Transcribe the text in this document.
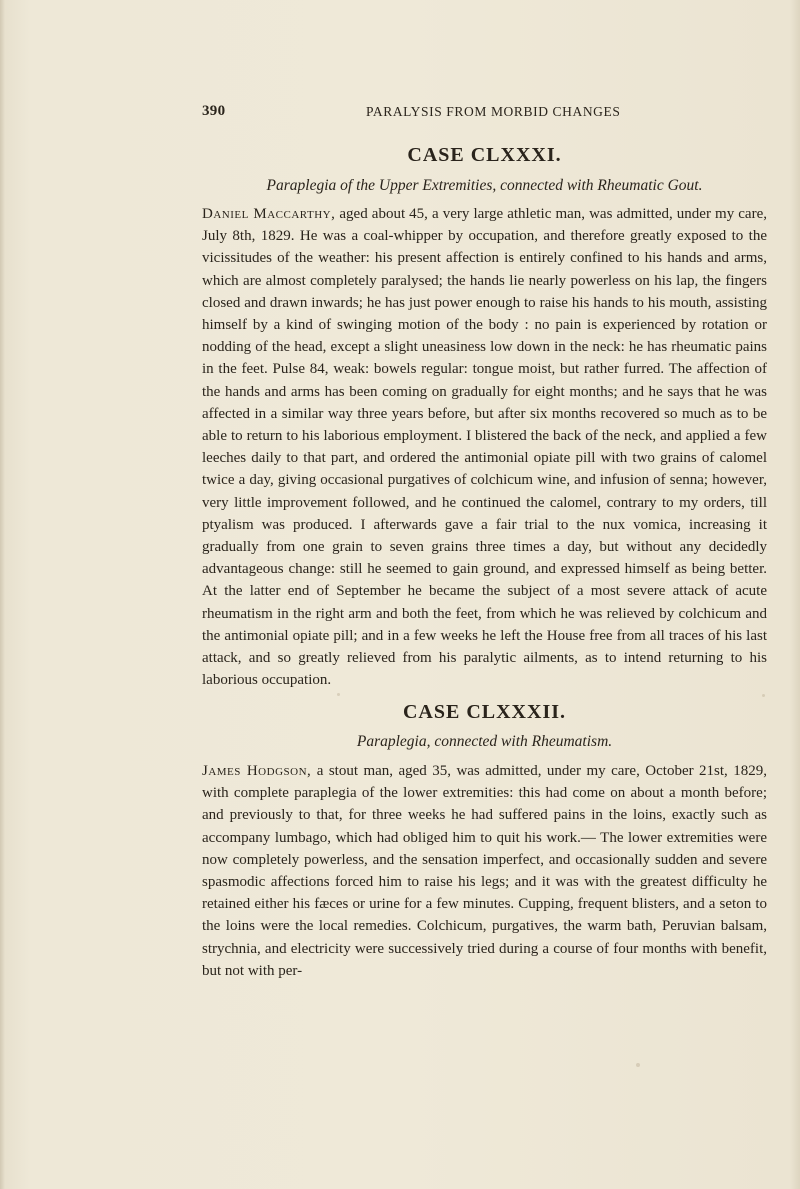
390	PARALYSIS FROM MORBID CHANGES
CASE CLXXXI.

Paraplegia of the Upper Extremities, connected with Rheumatic Gout.

Daniel Maccarthy, aged about 45, a very large athletic man, was admitted, under my care, July 8th, 1829. He was a coal-whipper by occupation, and therefore greatly exposed to the vicissitudes of the weather: his present affection is entirely confined to his hands and arms, which are almost completely paralysed; the hands lie nearly powerless on his lap, the fingers closed and drawn inwards; he has just power enough to raise his hands to his mouth, assisting himself by a kind of swinging motion of the body : no pain is experienced by rotation or nodding of the head, except a slight uneasiness low down in the neck: he has rheumatic pains in the feet. Pulse 84, weak: bowels regular: tongue moist, but rather furred. The affection of the hands and arms has been coming on gradually for eight months; and he says that he was affected in a similar way three years before, but after six months recovered so much as to be able to return to his laborious employment. I blistered the back of the neck, and applied a few leeches daily to that part, and ordered the antimonial opiate pill with two grains of calomel twice a day, giving occasional purgatives of colchicum wine, and infusion of senna; however, very little improvement followed, and he continued the calomel, contrary to my orders, till ptyalism was produced. I afterwards gave a fair trial to the nux vomica, increasing it gradually from one grain to seven grains three times a day, but without any decidedly advantageous change: still he seemed to gain ground, and expressed himself as being better. At the latter end of September he became the subject of a most severe attack of acute rheumatism in the right arm and both the feet, from which he was relieved by colchicum and the antimonial opiate pill; and in a few weeks he left the House free from all traces of his last attack, and so greatly relieved from his paralytic ailments, as to intend returning to his laborious occupation.

CASE CLXXXII.

Paraplegia, connected with Rheumatism.

James Hodgson, a stout man, aged 35, was admitted, under my care, October 21st, 1829, with complete paraplegia of the lower extremities: this had come on about a month before; and previously to that, for three weeks he had suffered pains in the loins, exactly such as accompany lumbago, which had obliged him to quit his work.— The lower extremities were now completely powerless, and the sensation imperfect, and occasionally sudden and severe spasmodic affections forced him to raise his legs; and it was with the greatest difficulty he retained either his fæces or urine for a few minutes. Cupping, frequent blisters, and a seton to the loins were the local remedies. Colchicum, purgatives, the warm bath, Peruvian balsam, strychnia, and electricity were successively tried during a course of four months with benefit, but not with per-
